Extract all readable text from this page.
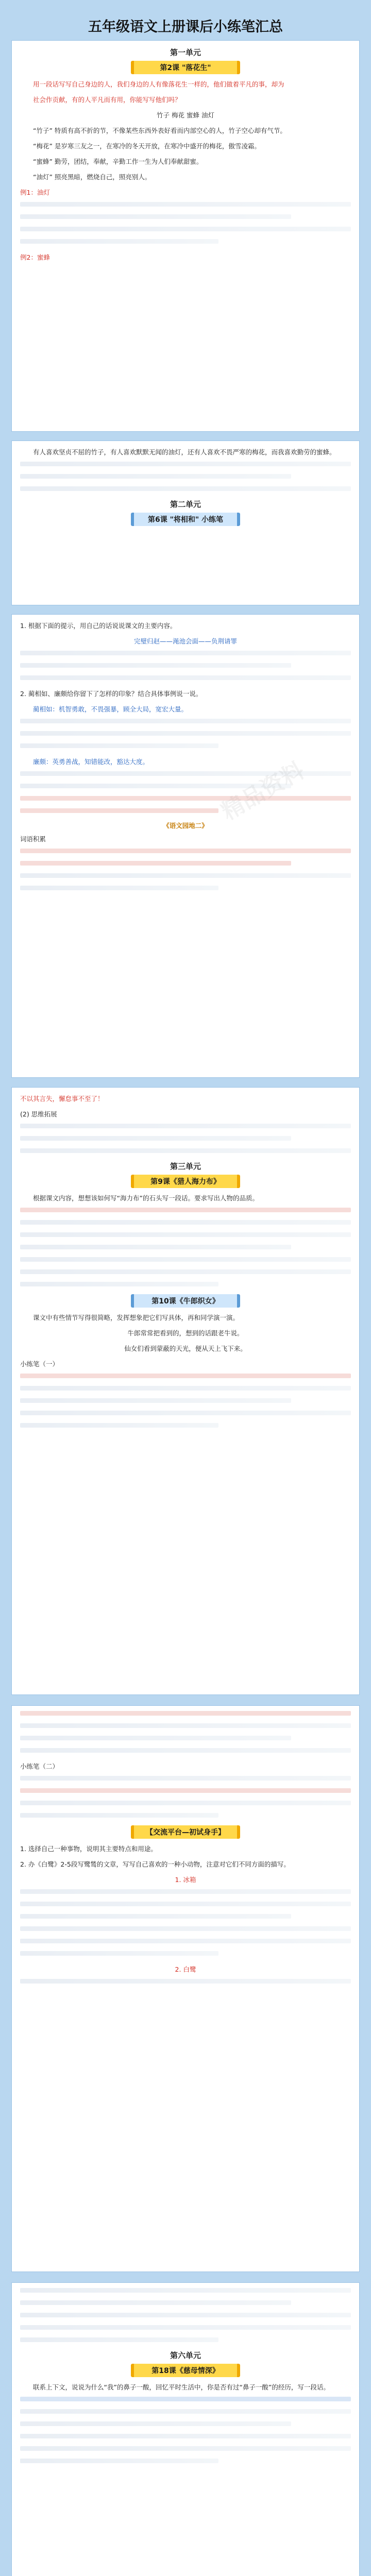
五年级语文上册课后小练笔汇总
第一单元
第2课 "落花生"

用一段话写写自己身边的人，我们身边的人有像落花生一样的，他们做着平凡的事，却为

社会作贡献，有的人平凡而有用，你能写写他们吗？

竹子 梅花 蜜蜂 油灯

“竹子” 特质有高不折的节，不像某些东西外表好看而内部空心的人，竹子空心却有气节。

“梅花” 是岁寒三友之一，在寒冷的冬天开放，在寒冷中盛开的梅花，傲雪凌霜。

“蜜蜂” 勤劳，团结，奉献，辛勤工作一生为人们奉献甜蜜。

“油灯” 照亮黑暗，燃烧自己，照亮别人。

例1：油灯

例2：蜜蜂

有人喜欢坚贞不屈的竹子，有人喜欢默默无闻的油灯，还有人喜欢不畏严寒的梅花，而我喜欢勤劳的蜜蜂。

第二单元
第6课 "将相和" 小练笔

1. 根据下面的提示，用自己的话说说课文的主要内容。

完璧归赵——渑池会面——负荆请罪

2. 蔺相如、廉颇给你留下了怎样的印象？结合具体事例说一说。

蔺相如：机智勇敢，不畏强暴，顾全大局，宽宏大量。

廉颇：英勇善战，知错能改，豁达大度。

《语文园地二》

词语积累

不以其言失，懈怠事不至了！

(2) 思维拓展

第三单元
第9课《猎人海力布》

根据课文内容，想想该如何写“海力布”的石头写一段话。要求写出人物的品质。

第10课《牛郎织女》

课文中有些情节写得很简略，发挥想象把它们写具体，再和同学演一演。

牛郎常常把看到的，想到的话跟老牛说。

仙女们看到蒙蔽的天光，便从天上飞下来。

小练笔（一）

小练笔（二）

【交流平台—初试身手】

1. 选择自己一种事物，说明其主要特点和用途。

2. 办《白鹭》2-5段写鹭鸶的文章，写写自己喜欢的一种小动物，注意对它们不同方面的描写。

1. 冰箱

2. 白鹭

第六单元
第18课《慈母情深》

联系上下文，说说为什么“我”的鼻子一酸，回忆平时生活中，你是否有过“鼻子一酸”的经历，写一段话。
